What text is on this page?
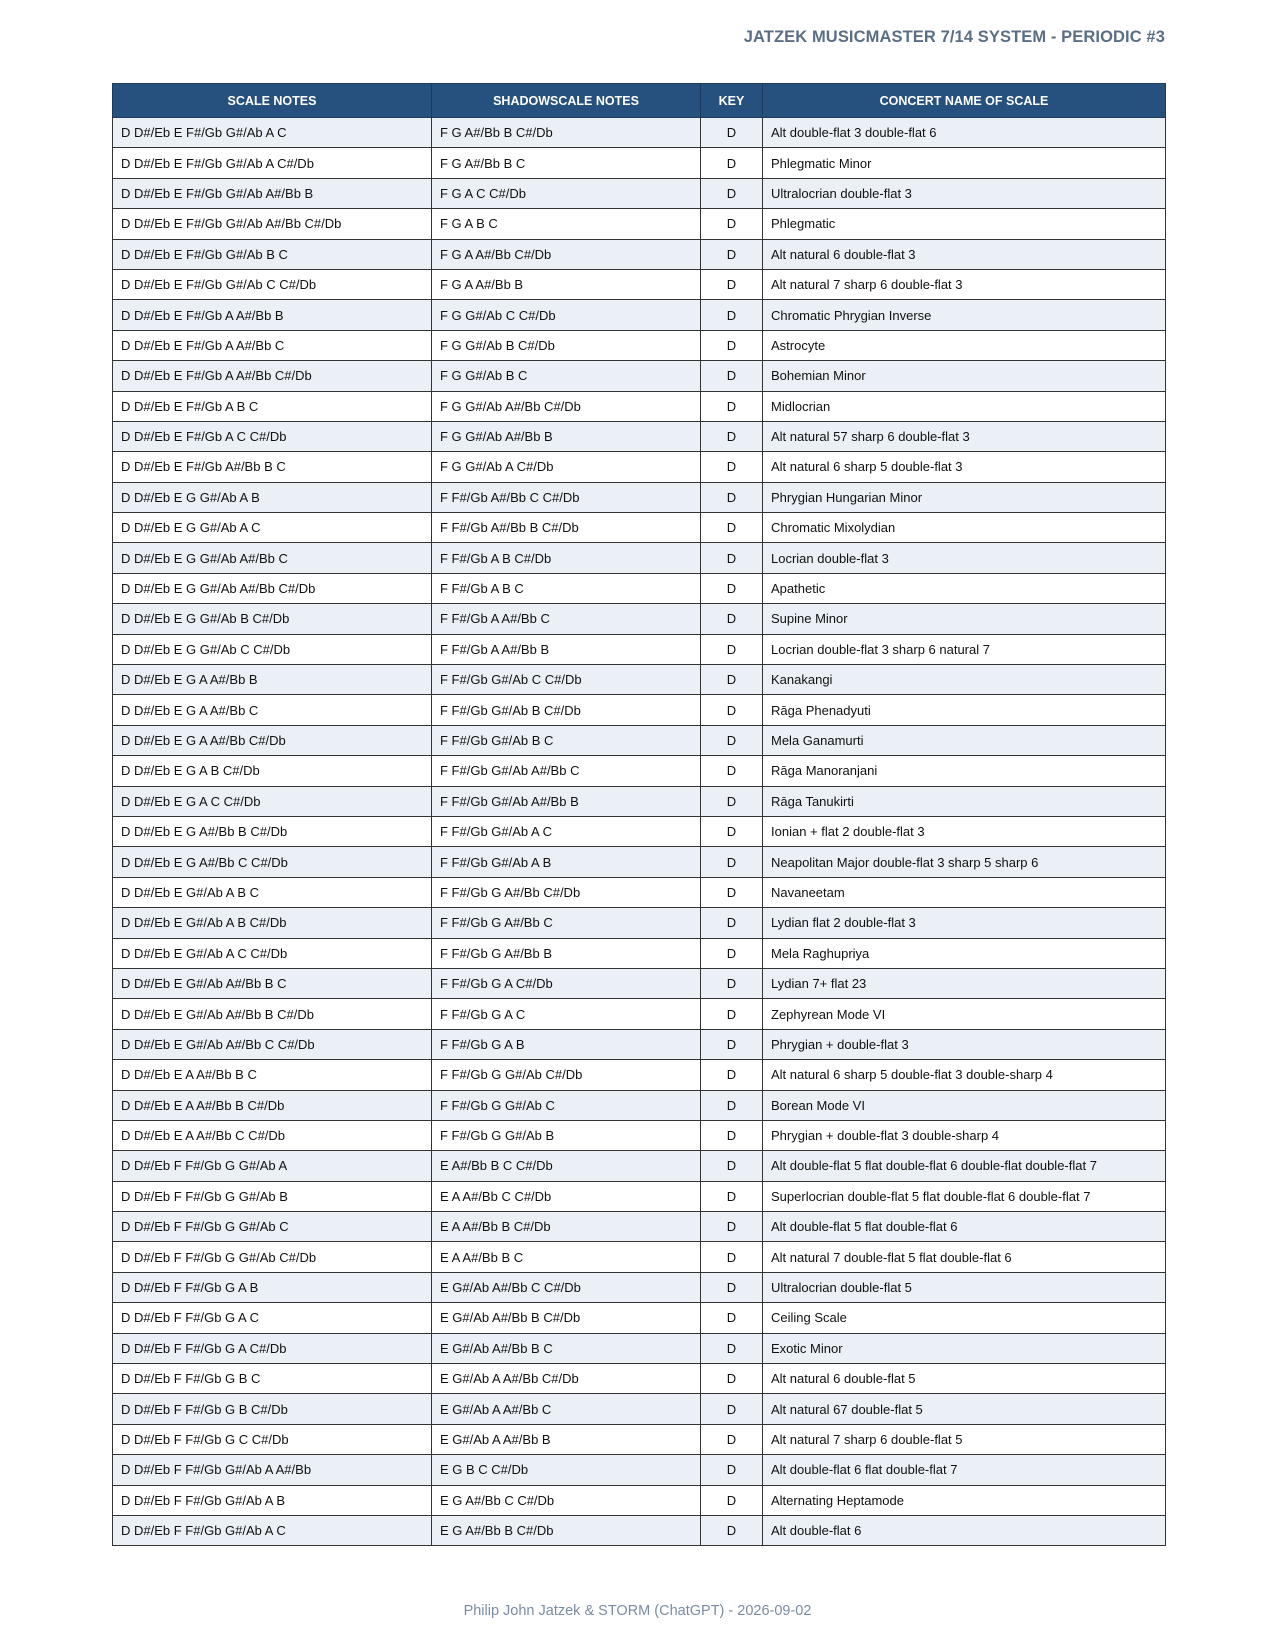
JATZEK MUSICMASTER 7/14 SYSTEM - PERIODIC #3
SCALE NOTES	SHADOWSCALE NOTES	KEY	CONCERT NAME OF SCALE
D D#/Eb E F#/Gb G#/Ab A C	F G A#/Bb B C#/Db	D	Alt double-flat 3 double-flat 6
D D#/Eb E F#/Gb G#/Ab A C#/Db	F G A#/Bb B C	D	Phlegmatic Minor
D D#/Eb E F#/Gb G#/Ab A#/Bb B	F G A C C#/Db	D	Ultralocrian double-flat 3
D D#/Eb E F#/Gb G#/Ab A#/Bb C#/Db	F G A B C	D	Phlegmatic
D D#/Eb E F#/Gb G#/Ab B C	F G A A#/Bb C#/Db	D	Alt natural 6 double-flat 3
D D#/Eb E F#/Gb G#/Ab C C#/Db	F G A A#/Bb B	D	Alt natural 7 sharp 6 double-flat 3
D D#/Eb E F#/Gb A A#/Bb B	F G G#/Ab C C#/Db	D	Chromatic Phrygian Inverse
D D#/Eb E F#/Gb A A#/Bb C	F G G#/Ab B C#/Db	D	Astrocyte
D D#/Eb E F#/Gb A A#/Bb C#/Db	F G G#/Ab B C	D	Bohemian Minor
D D#/Eb E F#/Gb A B C	F G G#/Ab A#/Bb C#/Db	D	Midlocrian
D D#/Eb E F#/Gb A C C#/Db	F G G#/Ab A#/Bb B	D	Alt natural 57 sharp 6 double-flat 3
D D#/Eb E F#/Gb A#/Bb B C	F G G#/Ab A C#/Db	D	Alt natural 6 sharp 5 double-flat 3
D D#/Eb E G G#/Ab A B	F F#/Gb A#/Bb C C#/Db	D	Phrygian Hungarian Minor
D D#/Eb E G G#/Ab A C	F F#/Gb A#/Bb B C#/Db	D	Chromatic Mixolydian
D D#/Eb E G G#/Ab A#/Bb C	F F#/Gb A B C#/Db	D	Locrian double-flat 3
D D#/Eb E G G#/Ab A#/Bb C#/Db	F F#/Gb A B C	D	Apathetic
D D#/Eb E G G#/Ab B C#/Db	F F#/Gb A A#/Bb C	D	Supine Minor
D D#/Eb E G G#/Ab C C#/Db	F F#/Gb A A#/Bb B	D	Locrian double-flat 3 sharp 6 natural 7
D D#/Eb E G A A#/Bb B	F F#/Gb G#/Ab C C#/Db	D	Kanakangi
D D#/Eb E G A A#/Bb C	F F#/Gb G#/Ab B C#/Db	D	Rāga Phenadyuti
D D#/Eb E G A A#/Bb C#/Db	F F#/Gb G#/Ab B C	D	Mela Ganamurti
D D#/Eb E G A B C#/Db	F F#/Gb G#/Ab A#/Bb C	D	Rāga Manoranjani
D D#/Eb E G A C C#/Db	F F#/Gb G#/Ab A#/Bb B	D	Rāga Tanukirti
D D#/Eb E G A#/Bb B C#/Db	F F#/Gb G#/Ab A C	D	Ionian + flat 2 double-flat 3
D D#/Eb E G A#/Bb C C#/Db	F F#/Gb G#/Ab A B	D	Neapolitan Major double-flat 3 sharp 5 sharp 6
D D#/Eb E G#/Ab A B C	F F#/Gb G A#/Bb C#/Db	D	Navaneetam
D D#/Eb E G#/Ab A B C#/Db	F F#/Gb G A#/Bb C	D	Lydian flat 2 double-flat 3
D D#/Eb E G#/Ab A C C#/Db	F F#/Gb G A#/Bb B	D	Mela Raghupriya
D D#/Eb E G#/Ab A#/Bb B C	F F#/Gb G A C#/Db	D	Lydian 7+ flat 23
D D#/Eb E G#/Ab A#/Bb B C#/Db	F F#/Gb G A C	D	Zephyrean Mode VI
D D#/Eb E G#/Ab A#/Bb C C#/Db	F F#/Gb G A B	D	Phrygian + double-flat 3
D D#/Eb E A A#/Bb B C	F F#/Gb G G#/Ab C#/Db	D	Alt natural 6 sharp 5 double-flat 3 double-sharp 4
D D#/Eb E A A#/Bb B C#/Db	F F#/Gb G G#/Ab C	D	Borean Mode VI
D D#/Eb E A A#/Bb C C#/Db	F F#/Gb G G#/Ab B	D	Phrygian + double-flat 3 double-sharp 4
D D#/Eb F F#/Gb G G#/Ab A	E A#/Bb B C C#/Db	D	Alt double-flat 5 flat double-flat 6 double-flat double-flat 7
D D#/Eb F F#/Gb G G#/Ab B	E A A#/Bb C C#/Db	D	Superlocrian double-flat 5 flat double-flat 6 double-flat 7
D D#/Eb F F#/Gb G G#/Ab C	E A A#/Bb B C#/Db	D	Alt double-flat 5 flat double-flat 6
D D#/Eb F F#/Gb G G#/Ab C#/Db	E A A#/Bb B C	D	Alt natural 7 double-flat 5 flat double-flat 6
D D#/Eb F F#/Gb G A B	E G#/Ab A#/Bb C C#/Db	D	Ultralocrian double-flat 5
D D#/Eb F F#/Gb G A C	E G#/Ab A#/Bb B C#/Db	D	Ceiling Scale
D D#/Eb F F#/Gb G A C#/Db	E G#/Ab A#/Bb B C	D	Exotic Minor
D D#/Eb F F#/Gb G B C	E G#/Ab A A#/Bb C#/Db	D	Alt natural 6 double-flat 5
D D#/Eb F F#/Gb G B C#/Db	E G#/Ab A A#/Bb C	D	Alt natural 67 double-flat 5
D D#/Eb F F#/Gb G C C#/Db	E G#/Ab A A#/Bb B	D	Alt natural 7 sharp 6 double-flat 5
D D#/Eb F F#/Gb G#/Ab A A#/Bb	E G B C C#/Db	D	Alt double-flat 6 flat double-flat 7
D D#/Eb F F#/Gb G#/Ab A B	E G A#/Bb C C#/Db	D	Alternating Heptamode
D D#/Eb F F#/Gb G#/Ab A C	E G A#/Bb B C#/Db	D	Alt double-flat 6
Philip John Jatzek & STORM (ChatGPT) - 2026-09-02
